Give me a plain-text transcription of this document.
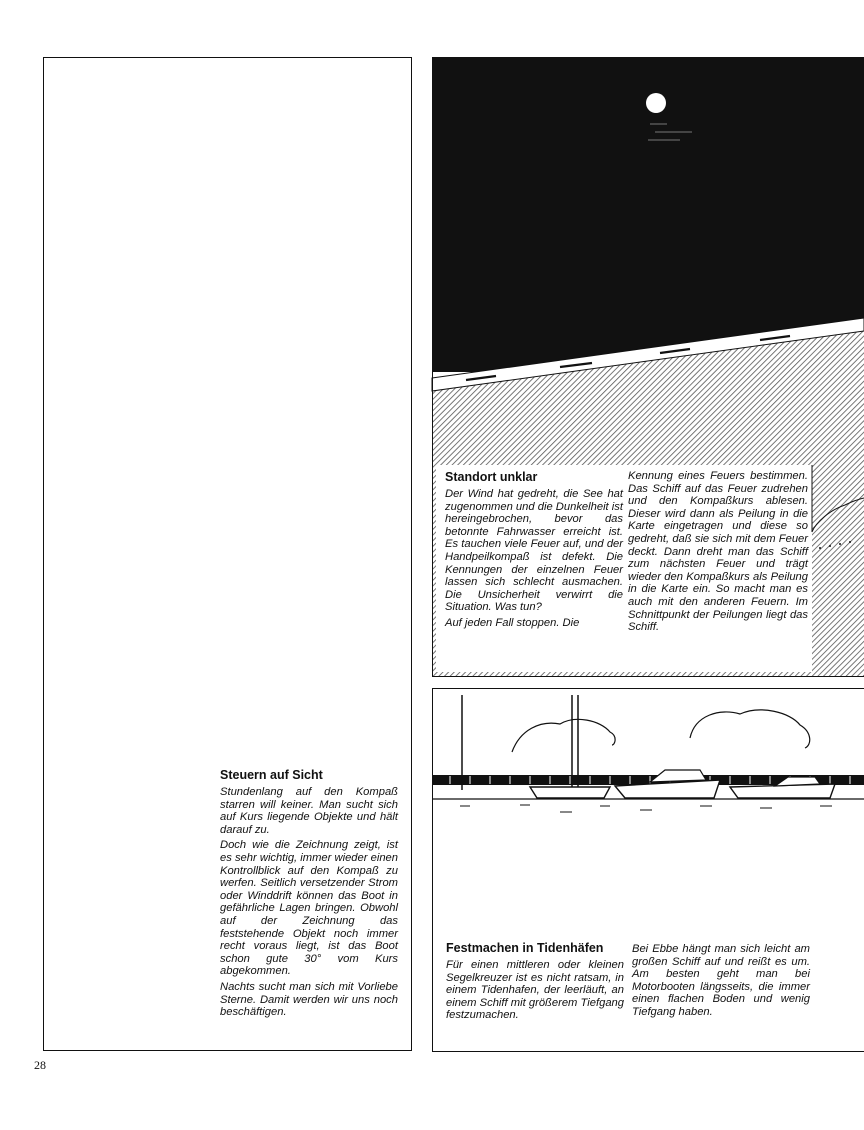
Steuern auf Sicht

Stundenlang auf den Kompaß starren will keiner. Man sucht sich auf Kurs liegende Objekte und hält darauf zu.

Doch wie die Zeichnung zeigt, ist es sehr wichtig, immer wieder einen Kontrollblick auf den Kompaß zu werfen. Seitlich versetzender Strom oder Winddrift können das Boot in gefährliche Lagen bringen. Obwohl auf der Zeichnung das feststehende Objekt noch immer recht voraus liegt, ist das Boot schon gute 30° vom Kurs abgekommen.

Nachts sucht man sich mit Vorliebe Sterne. Damit werden wir uns noch beschäftigen.

Standort unklar

Der Wind hat gedreht, die See hat zugenommen und die Dunkelheit ist hereingebrochen, bevor das betonnte Fahrwasser erreicht ist. Es tauchen viele Feuer auf, und der Handpeilkompaß ist defekt. Die Kennungen der einzelnen Feuer lassen sich schlecht ausmachen. Die Unsicherheit verwirrt die Situation. Was tun?

Auf jeden Fall stoppen. Die

Kennung eines Feuers bestimmen. Das Schiff auf das Feuer zudrehen und den Kompaßkurs ablesen. Dieser wird dann als Peilung in die Karte eingetragen und diese so gedreht, daß sie sich mit dem Feuer deckt. Dann dreht man das Schiff zum nächsten Feuer und trägt wieder den Kompaßkurs als Peilung in die Karte ein. So macht man es auch mit den anderen Feuern. Im Schnittpunkt der Peilungen liegt das Schiff.

Festmachen in Tidenhäfen

Für einen mittleren oder kleinen Segelkreuzer ist es nicht ratsam, in einem Tidenhafen, der leerläuft, an einem Schiff mit größerem Tiefgang festzumachen.

Bei Ebbe hängt man sich leicht am großen Schiff auf und reißt es um. Am besten geht man bei Motorbooten längsseits, die immer einen flachen Boden und wenig Tiefgang haben.

28
